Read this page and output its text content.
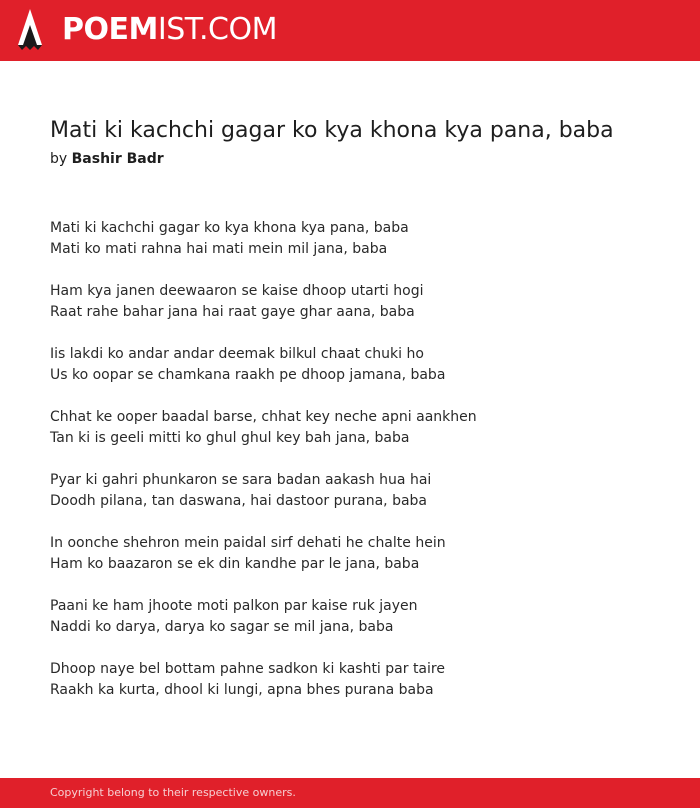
POEMIST.COM
Mati ki kachchi gagar ko kya khona kya pana, baba
by Bashir Badr
Mati ki kachchi gagar ko kya khona kya pana, baba
Mati ko mati rahna hai mati mein mil jana, baba
Ham kya janen deewaaron se kaise dhoop utarti hogi
Raat rahe bahar jana hai raat gaye ghar aana, baba
Iis lakdi ko andar andar deemak bilkul chaat chuki ho
Us ko oopar se chamkana raakh pe dhoop jamana, baba
Chhat ke ooper baadal barse, chhat key neche apni aankhen
Tan ki is geeli mitti ko ghul ghul key bah jana, baba
Pyar ki gahri phunkaron se sara badan aakash hua hai
Doodh pilana, tan daswana, hai dastoor purana, baba
In oonche shehron mein paidal sirf dehati he chalte hein
Ham ko baazaron se ek din kandhe par le jana, baba
Paani ke ham jhoote moti palkon par kaise ruk jayen
Naddi ko darya, darya ko sagar se mil jana, baba
Dhoop naye bel bottam pahne sadkon ki kashti par taire
Raakh ka kurta, dhool ki lungi, apna bhes purana baba
Copyright belong to their respective owners.
